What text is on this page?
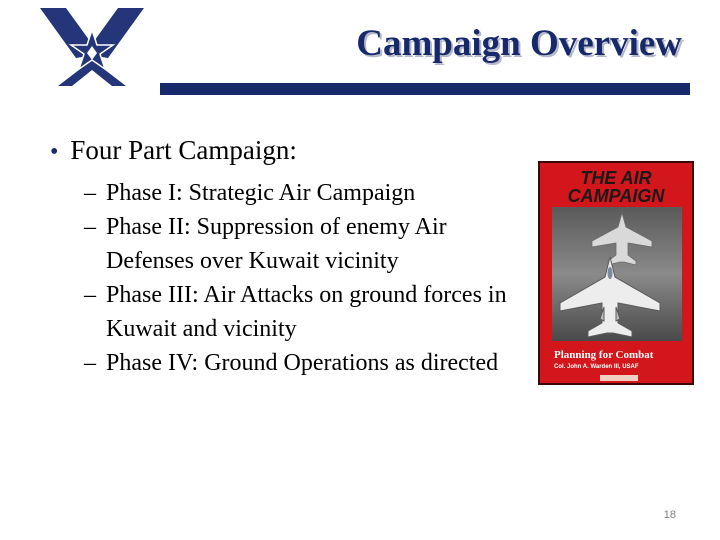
Campaign Overview
• Four Part Campaign:
– Phase I: Strategic Air Campaign
– Phase II: Suppression of enemy Air Defenses over Kuwait vicinity
– Phase III: Air Attacks on ground forces in Kuwait and vicinity
– Phase IV: Ground Operations as directed
THE AIR
CAMPAIGN
Planning for Combat
Col. John A. Warden III, USAF
18
